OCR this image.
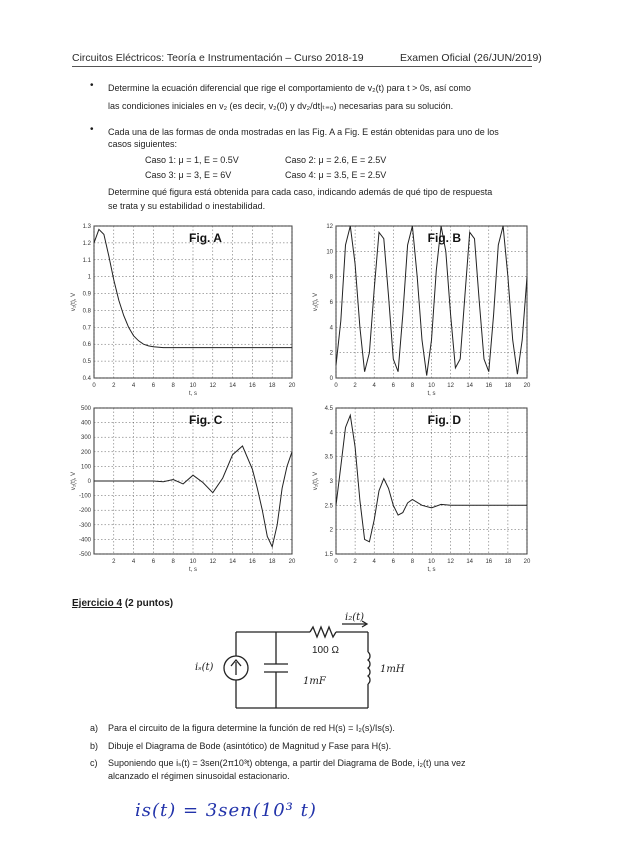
Circuitos Eléctricos: Teoría e Instrumentación – Curso 2018-19	Examen Oficial (26/JUN/2019)
• Determine la ecuación diferencial que rige el comportamiento de v₂(t) para t > 0s, así como
las condiciones iniciales en v₂ (es decir, v₂(0) y dv₂/dt|ₜ₌₀) necesarias para su solución.
• Cada una de las formas de onda mostradas en las Fig. A a Fig. E están obtenidas para uno de los
casos siguientes:
Caso 1: μ = 1, E = 0.5V	Caso 2: μ = 2.6, E = 2.5V
Caso 3: μ = 3, E = 6V	Caso 4: μ = 3.5, E = 2.5V
Determine qué figura está obtenida para cada caso, indicando además de qué tipo de respuesta
se trata y su estabilidad o inestabilidad.
0	2	4	6	8 10 12 14 16 18 20
0.4
0.5
0.6
0.7
0.8
0.9
1
1.1
1.2
1.3
t, s
v₂(t), V
Fig. A
0	2	4	6	8 10 12 14 16 18 20
0
2
4
6
8
10
12
t, s
v₂(t), V
Fig. B
2	4	6	8 10 12 14 16 18 20
-500
-400
-300
-200
-100
0
100
200
300
400
500
t, s
v₂(t), V
Fig. C
0	2	4	6	8 10 12 14 16 18 20
1.5
2
2.5
3
3.5
4
4.5
t, s
v₂(t), V
Fig. D
Ejercicio 4 (2 puntos)
i₂(t)
100 Ω
iₛ(t)
1mF
1mH
a) Para el circuito de la figura determine la función de red H(s) = I₂(s)/Is(s).
b) Dibuje el Diagrama de Bode (asintótico) de Magnitud y Fase para H(s).
c) Suponiendo que iₛ(t) = 3sen(2π10³t) obtenga, a partir del Diagrama de Bode, i₂(t) una vez
alcanzado el régimen sinusoidal estacionario.
is(t) = 3sen(10³ t)
